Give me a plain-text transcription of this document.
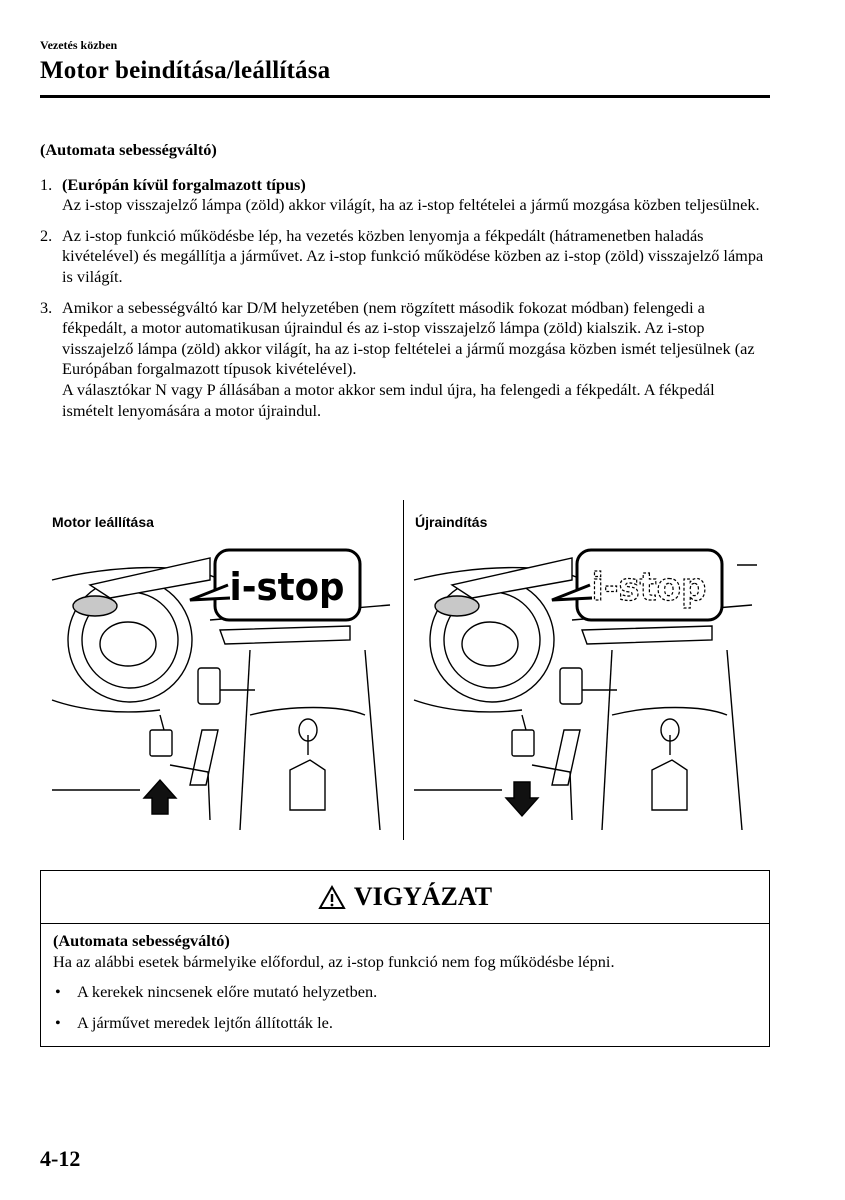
Vezetés közben
Motor beindítása/leállítása
(Automata sebességváltó)
1. (Európán kívül forgalmazott típus)
Az i-stop visszajelző lámpa (zöld) akkor világít, ha az i-stop feltételei a jármű mozgása közben teljesülnek.
2. Az i-stop funkció működésbe lép, ha vezetés közben lenyomja a fékpedált (hátramenetben haladás kivételével) és megállítja a járművet. Az i-stop funkció működése közben az i-stop (zöld) visszajelző lámpa is világít.
3. Amikor a sebességváltó kar D/M helyzetében (nem rögzített második fokozat módban) felengedi a fékpedált, a motor automatikusan újraindul és az i-stop visszajelző lámpa (zöld) kialszik. Az i-stop visszajelző lámpa (zöld) akkor világít, ha az i-stop feltételei a jármű mozgása közben ismét teljesülnek (az Európában forgalmazott típusok kivételével).
A választókar N vagy P állásában a motor akkor sem indul újra, ha felengedi a fékpedált. A fékpedál ismételt lenyomására a motor újraindul.
Motor leállítása	Újraindítás
i-stop	i-stop
VIGYÁZAT
(Automata sebességváltó)
Ha az alábbi esetek bármelyike előfordul, az i-stop funkció nem fog működésbe lépni.
• A kerekek nincsenek előre mutató helyzetben.
• A járművet meredek lejtőn állították le.
4-12
